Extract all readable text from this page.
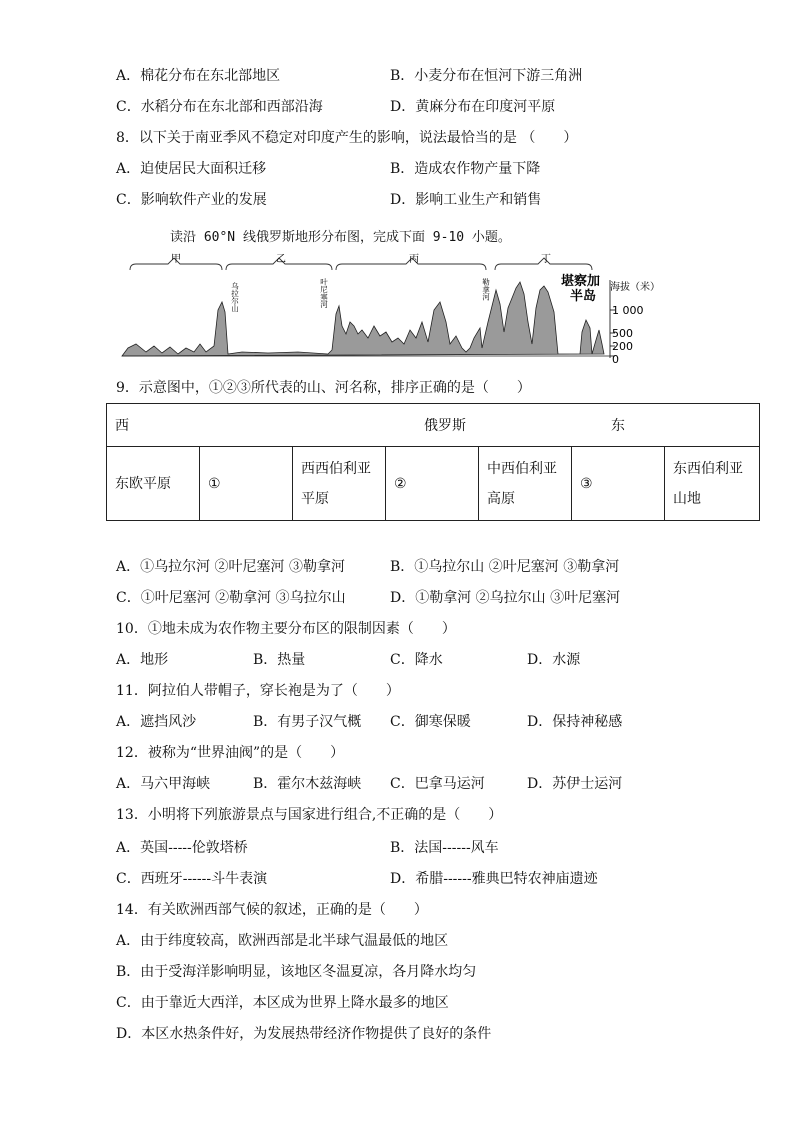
A．棉花分布在东北部地区	B．小麦分布在恒河下游三角洲
C．水稻分布在东北部和西部沿海	D．黄麻分布在印度河平原
8．以下关于南亚季风不稳定对印度产生的影响，说法最恰当的是 （　　）
A．迫使居民大面积迁移	B．造成农作物产量下降
C．影响软件产业的发展	D．影响工业生产和销售
读沿 60°N 线俄罗斯地形分布图，完成下面 9-10 小题。
甲	乙	丙	丁
乌拉尔山	叶尼塞河	勒拿河	堪察加
半岛
海拔（米）
1 000
500
200
0
9．示意图中，①②③所代表的山、河名称，排序正确的是（　　）
西	俄罗斯	东

东欧平原	①	西西伯利亚平原	②	中西伯利亚高原	③	东西伯利亚山地
A．①乌拉尔河 ②叶尼塞河 ③勒拿河	B．①乌拉尔山 ②叶尼塞河 ③勒拿河
C．①叶尼塞河 ②勒拿河 ③乌拉尔山	D．①勒拿河 ②乌拉尔山 ③叶尼塞河
10．①地未成为农作物主要分布区的限制因素（　　）
A．地形	B．热量	C．降水	D．水源
11．阿拉伯人带帽子，穿长袍是为了（　　）
A．遮挡风沙	B．有男子汉气概 C．御寒保暖	D．保持神秘感
12．被称为“世界油阀”的是（　　）
A．马六甲海峡	B．霍尔木兹海峡 C．巴拿马运河	D．苏伊士运河
13．小明将下列旅游景点与国家进行组合,不正确的是（　　）
A．英国-----伦敦塔桥	B．法国------风车
C．西班牙------斗牛表演	D．希腊------雅典巴特农神庙遗迹
14．有关欧洲西部气候的叙述，正确的是（　　）
A．由于纬度较高，欧洲西部是北半球气温最低的地区
B．由于受海洋影响明显，该地区冬温夏凉，各月降水均匀
C．由于靠近大西洋，本区成为世界上降水最多的地区
D．本区水热条件好，为发展热带经济作物提供了良好的条件
